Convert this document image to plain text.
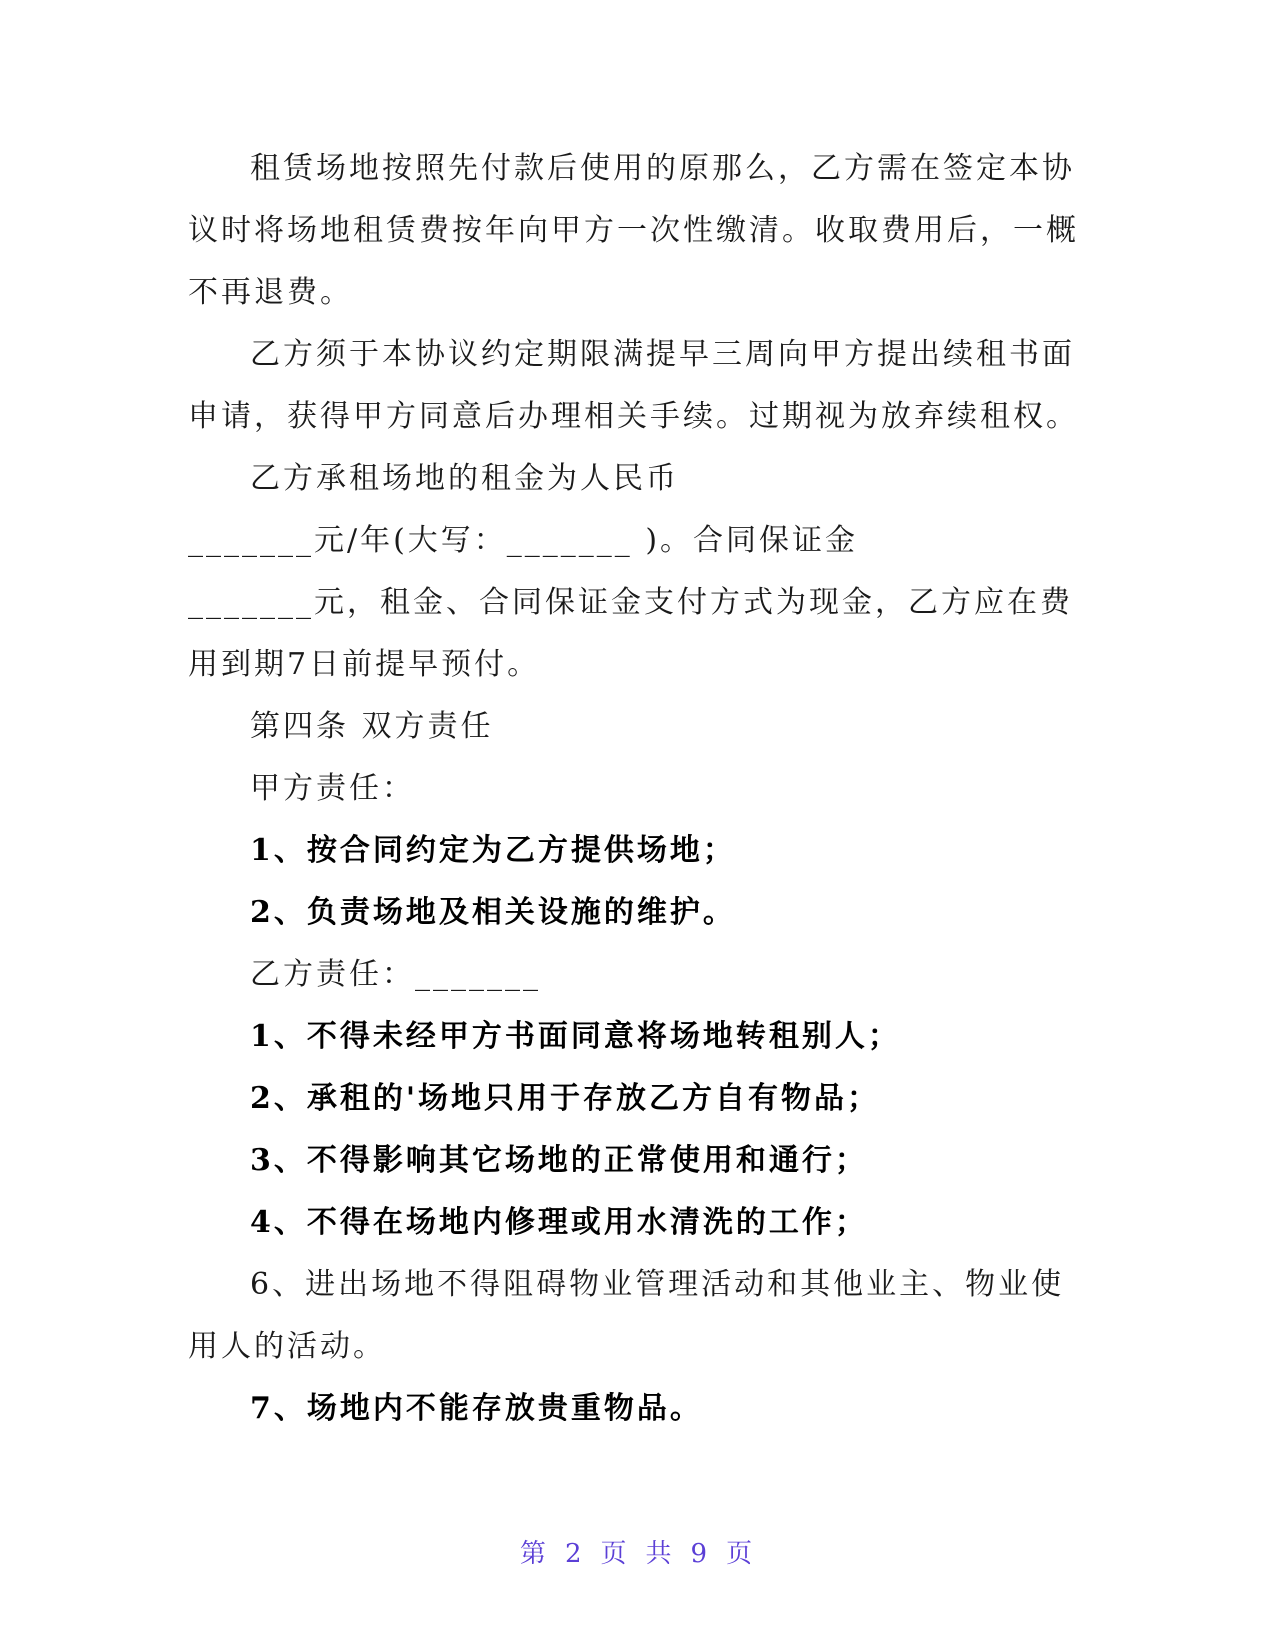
租赁场地按照先付款后使用的原那么，乙方需在签定本协

议时将场地租赁费按年向甲方一次性缴清。收取费用后，一概

不再退费。

乙方须于本协议约定期限满提早三周向甲方提出续租书面

申请，获得甲方同意后办理相关手续。过期视为放弃续租权。

乙方承租场地的租金为人民币

_______元/年(大写：_______ )。合同保证金

_______元，租金、合同保证金支付方式为现金，乙方应在费

用到期7日前提早预付。

第四条 双方责任

甲方责任：

1、按合同约定为乙方提供场地；

2、负责场地及相关设施的维护。

乙方责任：_______

1、不得未经甲方书面同意将场地转租别人；

2、承租的'场地只用于存放乙方自有物品；

3、不得影响其它场地的正常使用和通行；

4、不得在场地内修理或用水清洗的工作；

6、进出场地不得阻碍物业管理活动和其他业主、物业使

用人的活动。

7、场地内不能存放贵重物品。

第 2 页 共 9 页
